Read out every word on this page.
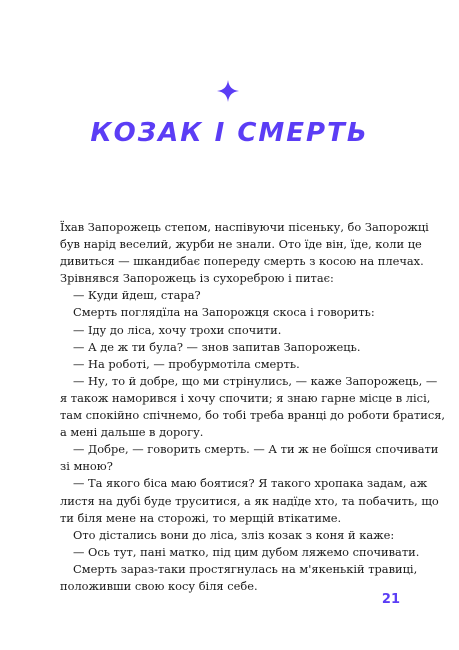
КОЗАК І СМЕРТЬ
Їхав Запорожець степом, наспівуючи пісеньку, бо Запорожці
був нарід веселий, журби не знали. Ото їде він, їде, коли це
дивиться — шкандибає попереду смерть з косою на плечах.
Зрівнявся Запорожець із сухореброю і питає:
— Куди йдеш, стара?
Смерть поглядїла на Запорожця скоса і говорить:
— Іду до ліса, хочу трохи спочити.
— А де ж ти була? — знов запитав Запорожець.
— На роботі, — пробурмотіла смерть.
— Ну, то й добре, що ми стрінулись, — каже Запорожець, —
я також наморився і хочу спочити; я знаю гарне місце в лісі,
там спокійно спічнемо, бо тобі треба вранці до роботи братися,
а мені дальше в дорогу.
— Добре, — говорить смерть. — А ти ж не боїшся спочивати
зі мною?
— Та якого біса маю боятися? Я такого хропака задам, аж
листя на дубі буде труситися, а як надїде хто, та побачить, що
ти біля мене на сторожі, то мерщій втікатиме.
Ото дістались вони до ліса, зліз козак з коня й каже:
— Ось тут, пані матко, під цим дубом ляжемо спочивати.
Смерть зараз-таки простягнулась на м'якенькій травиці,
положивши свою косу біля себе.
21
